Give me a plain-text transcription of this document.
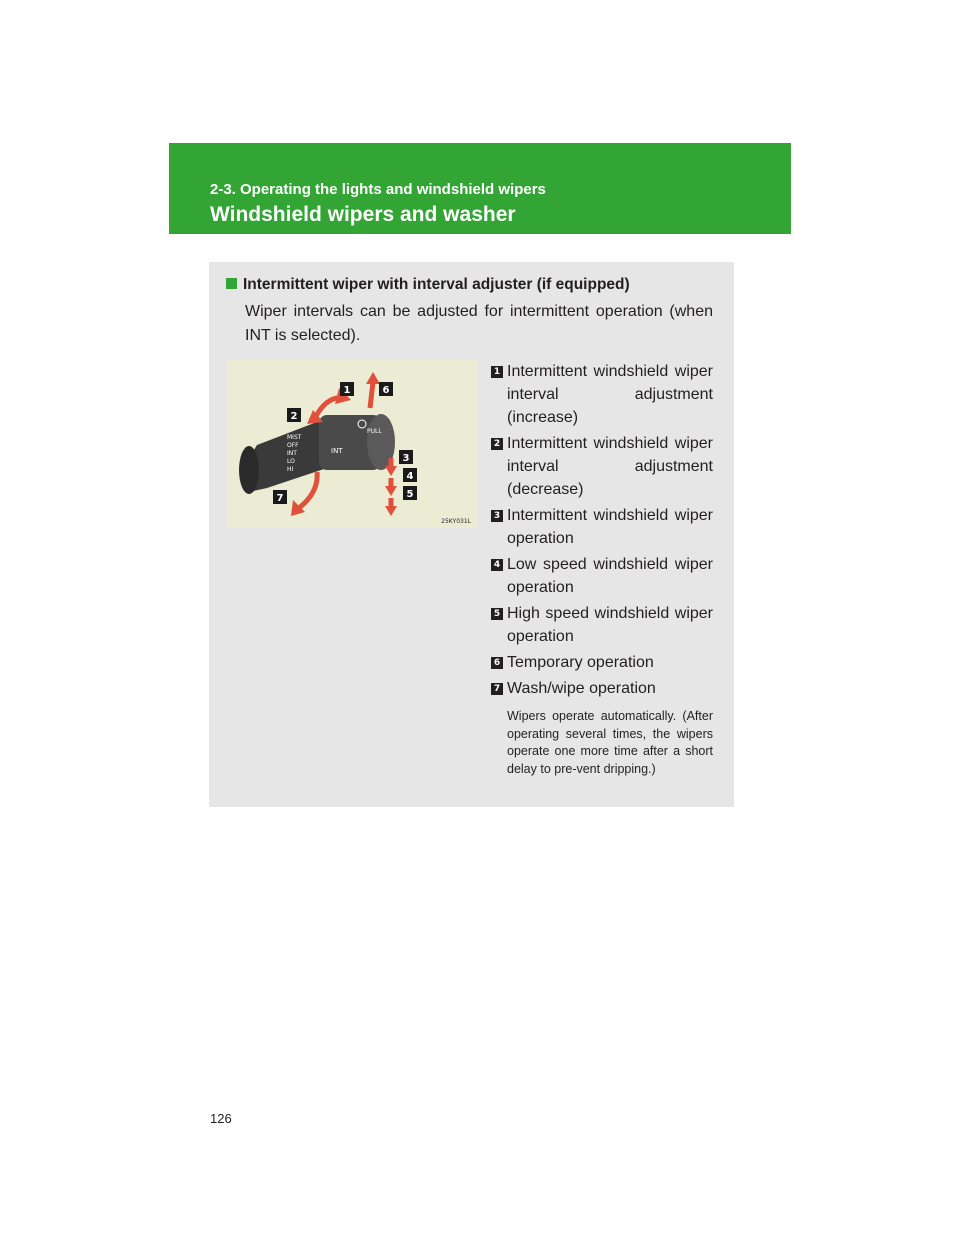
2-3. Operating the lights and windshield wipers
Windshield wipers and washer
Intermittent wiper with interval adjuster (if equipped)
Wiper intervals can be adjusted for intermittent operation (when INT is selected).
MIST
OFF
INT
LO
HI
INT
PULL
1
2
3
4
5
6
7
25KY031L
1 Intermittent windshield wiper interval adjustment (increase)
2 Intermittent windshield wiper interval adjustment (decrease)
3 Intermittent windshield wiper operation
4 Low speed windshield wiper operation
5 High speed windshield wiper operation
6 Temporary operation
7 Wash/wipe operation
Wipers operate automatically. (After operating several times, the wipers operate one more time after a short delay to pre-vent dripping.)
126
